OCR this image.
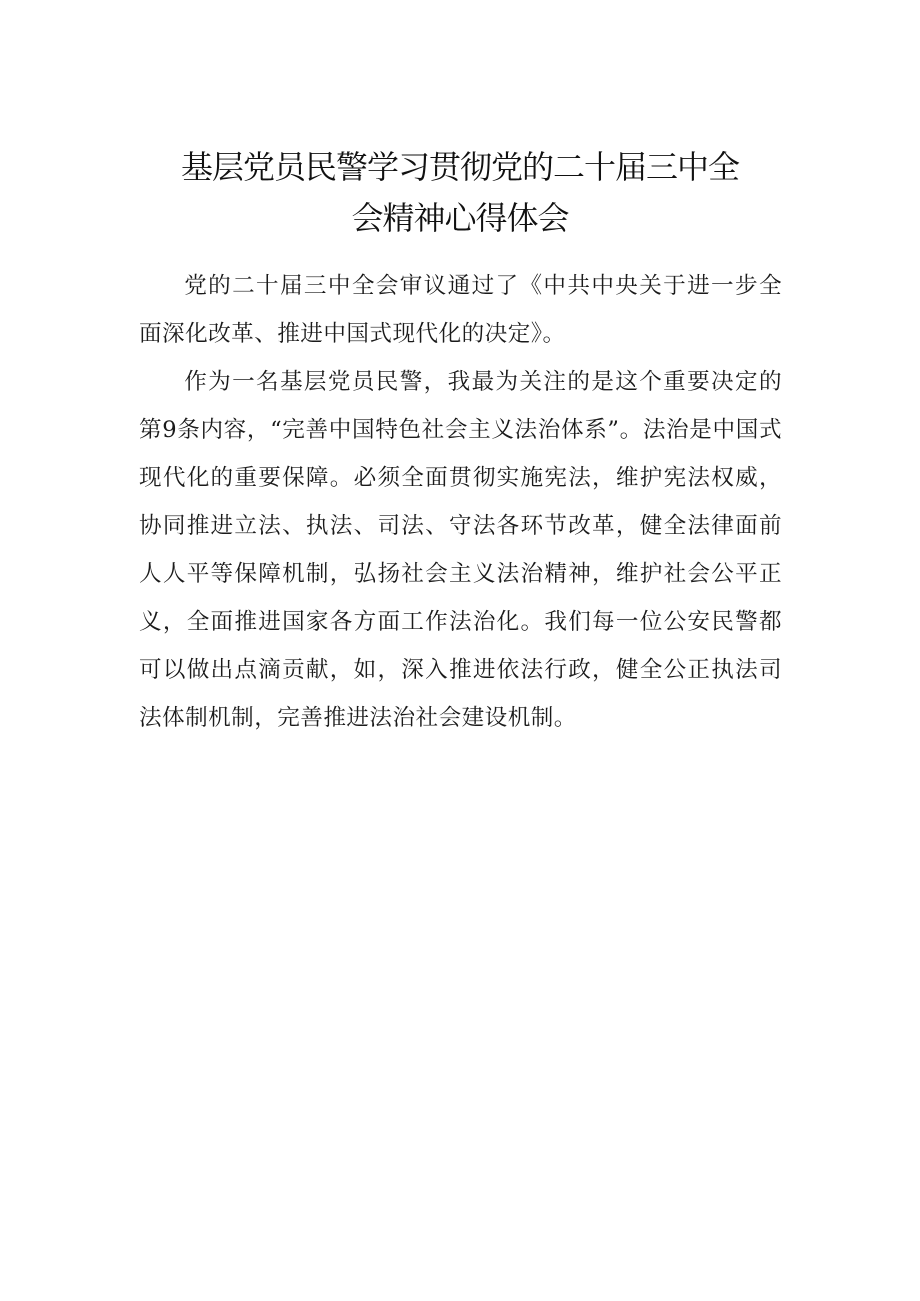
基层党员民警学习贯彻党的二十届三中全
会精神心得体会

党的二十届三中全会审议通过了《中共中央关于进一步全面深化改革、推进中国式现代化的决定》。

作为一名基层党员民警，我最为关注的是这个重要决定的第9条内容，“完善中国特色社会主义法治体系”。法治是中国式现代化的重要保障。必须全面贯彻实施宪法，维护宪法权威，协同推进立法、执法、司法、守法各环节改革，健全法律面前人人平等保障机制，弘扬社会主义法治精神，维护社会公平正义，全面推进国家各方面工作法治化。我们每一位公安民警都可以做出点滴贡献，如，深入推进依法行政，健全公正执法司法体制机制，完善推进法治社会建设机制。
